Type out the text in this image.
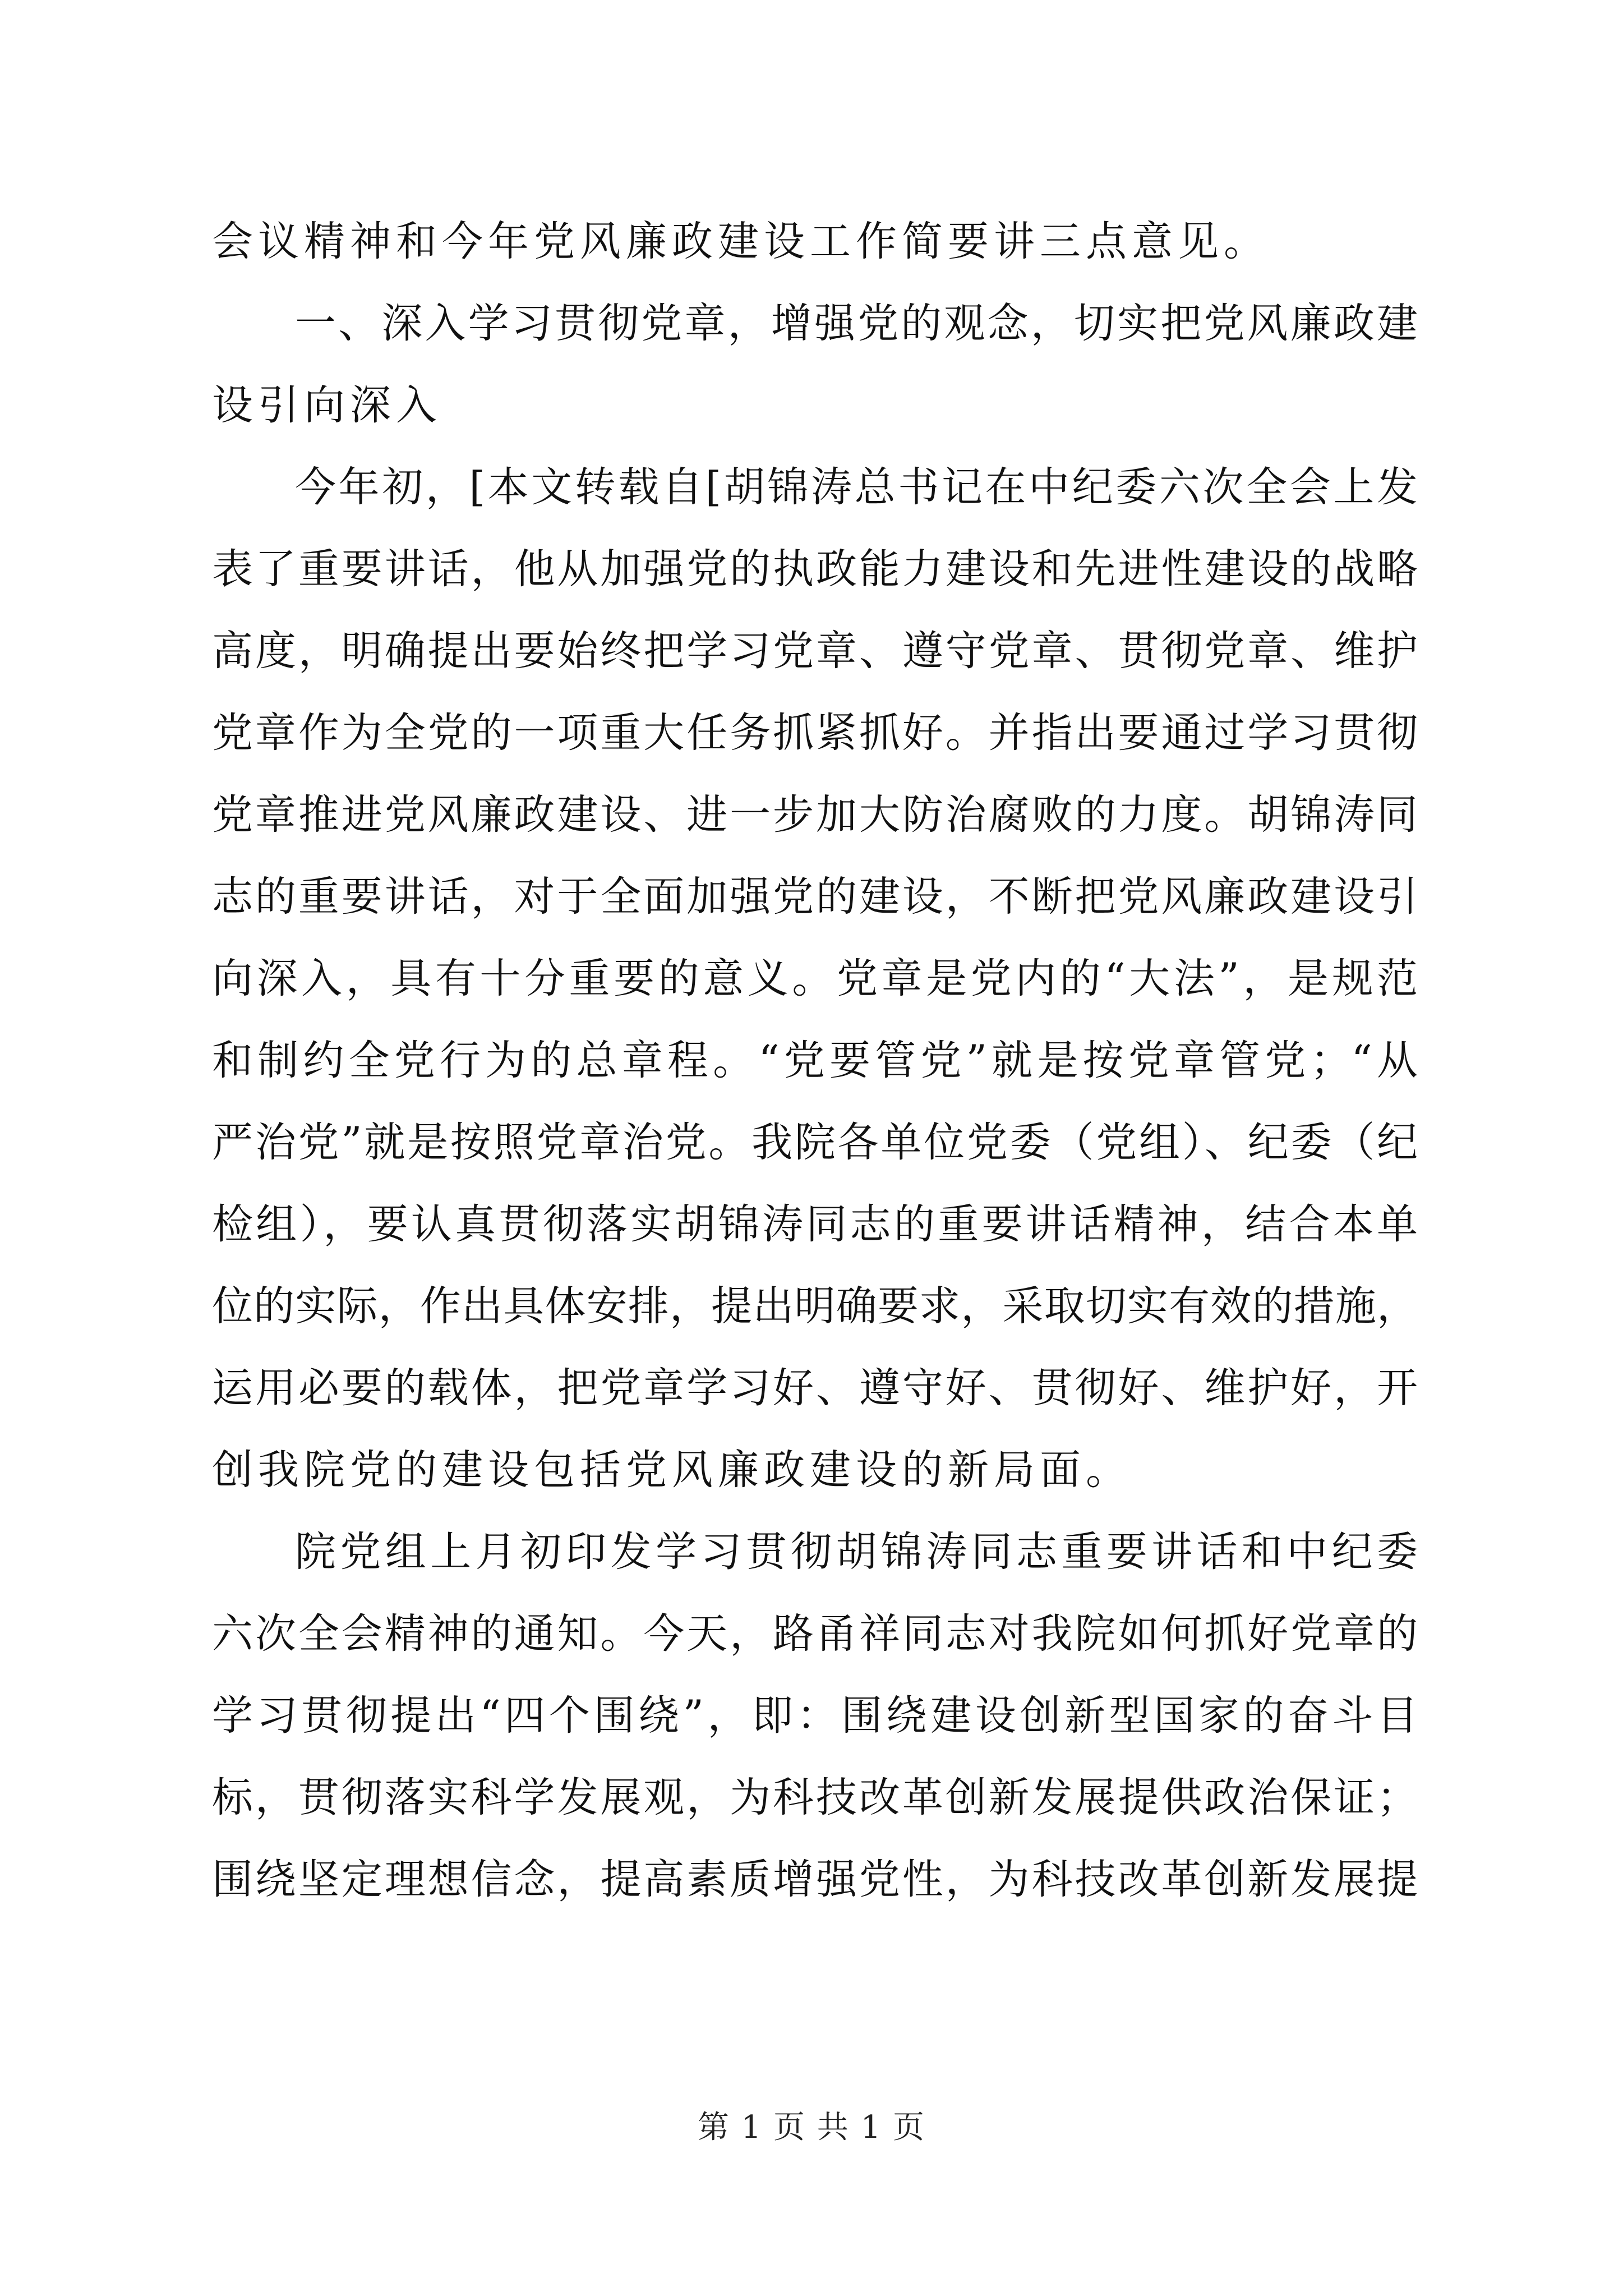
会议精神和今年党风廉政建设工作简要讲三点意见。
一、深入学习贯彻党章，增强党的观念，切实把党风廉政建
设引向深入
今年初，[本文转载自[胡锦涛总书记在中纪委六次全会上发
表了重要讲话，他从加强党的执政能力建设和先进性建设的战略
高度，明确提出要始终把学习党章、遵守党章、贯彻党章、维护
党章作为全党的一项重大任务抓紧抓好。并指出要通过学习贯彻
党章推进党风廉政建设、进一步加大防治腐败的力度。胡锦涛同
志的重要讲话，对于全面加强党的建设，不断把党风廉政建设引
向深入，具有十分重要的意义。党章是党内的“大法”，是规范
和制约全党行为的总章程。“党要管党”就是按党章管党；“从
严治党”就是按照党章治党。我院各单位党委（党组）、纪委（纪
检组），要认真贯彻落实胡锦涛同志的重要讲话精神，结合本单
位的实际，作出具体安排，提出明确要求，采取切实有效的措施，
运用必要的载体，把党章学习好、遵守好、贯彻好、维护好，开
创我院党的建设包括党风廉政建设的新局面。
院党组上月初印发学习贯彻胡锦涛同志重要讲话和中纪委
六次全会精神的通知。今天，路甬祥同志对我院如何抓好党章的
学习贯彻提出“四个围绕”，即：围绕建设创新型国家的奋斗目
标，贯彻落实科学发展观，为科技改革创新发展提供政治保证；
围绕坚定理想信念，提高素质增强党性，为科技改革创新发展提
第 1 页 共 1 页
